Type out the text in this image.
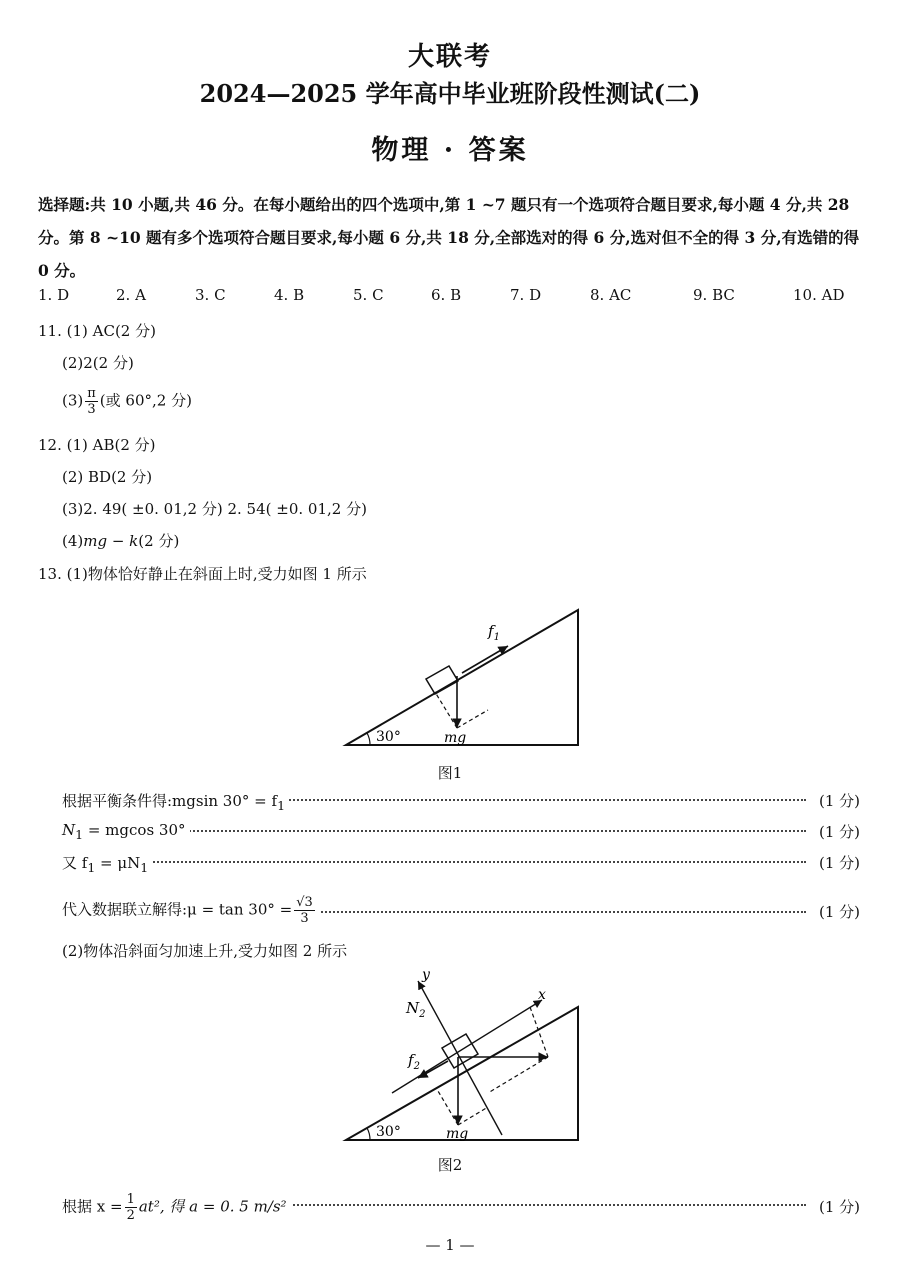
大联考
2024—2025 学年高中毕业班阶段性测试(二)
物理 · 答案
选择题:共 10 小题,共 46 分。在每小题给出的四个选项中,第 1 ~7 题只有一个选项符合题目要求,每小题 4 分,共 28 分。第 8 ~10 题有多个选项符合题目要求,每小题 6 分,共 18 分,全部选对的得 6 分,选对但不全的得 3 分,有选错的得 0 分。
1. D	2. A	3. C	4. B	5. C	6. B	7. D	8. AC	9. BC	10. AD
11. (1) AC(2 分)
(2)2(2 分)
$(3) \frac{\pi}{3}$ (或 60°,2 分)
12. (1) AB(2 分)
(2) BD(2 分)
(3)2. 49( ±0. 01,2 分) 2. 54( ±0. 01,2 分)
(4)mg − k(2 分)
13. (1)物体恰好静止在斜面上时,受力如图 1 所示
30°	mg
$f_1$
图1
根据平衡条件得:mgsin $30^\circ = f_1$	(1 分)
$N_1 = mgcos$ 30°	(1 分)
又 $f_1 = \mu N_1$	(1 分)
代入数据联立解得:μ = $\tan 30^\circ = \frac{√3}{3}$	(1 分)
(2)物体沿斜面匀加速上升,受力如图 2 所示
30°
x
y
$N_2$
mg
$f_2$
图2
根据 $x = \frac{1}{2} at^2$, 得 a = 0. 5 m/s²	(1 分)
— 1 —
